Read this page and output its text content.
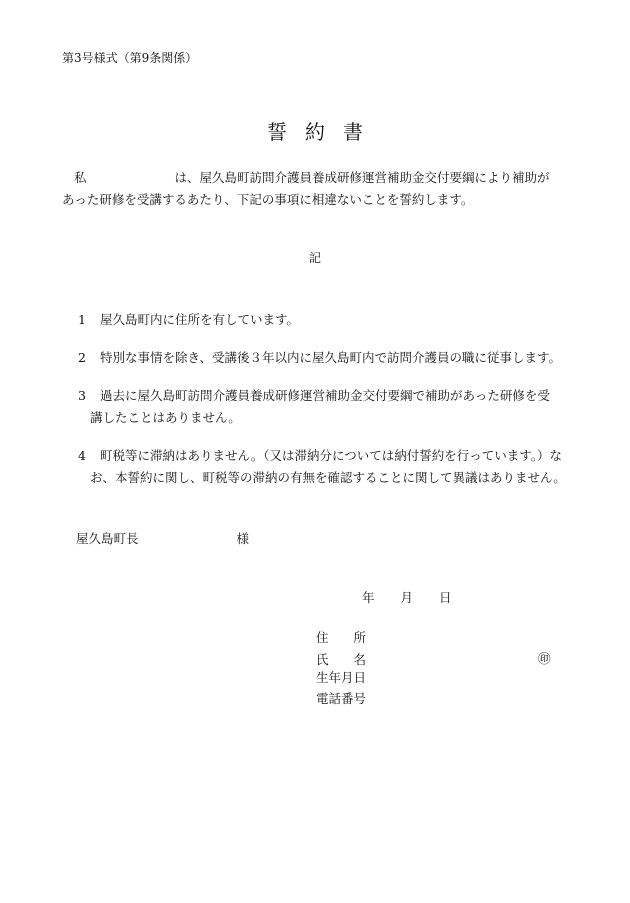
第3号様式（第9条関係）
誓約書
私	は、屋久島町訪問介護員養成研修運営補助金交付要綱により補助が
あった研修を受講するあたり、下記の事項に相違ないことを誓約します。
記
1 屋久島町内に住所を有しています。
2 特別な事情を除き、受講後３年以内に屋久島町内で訪問介護員の職に従事します。
3 過去に屋久島町訪問介護員養成研修運営補助金交付要綱で補助があった研修を受
講したことはありません。
4 町税等に滞納はありません。（又は滞納分については納付誓約を行っています。）な
お、本誓約に関し、町税等の滞納の有無を確認することに関して異議はありません。
屋久島町長	様
年 月 日
住　　所
氏　　名	㊞
生年月日
電話番号
